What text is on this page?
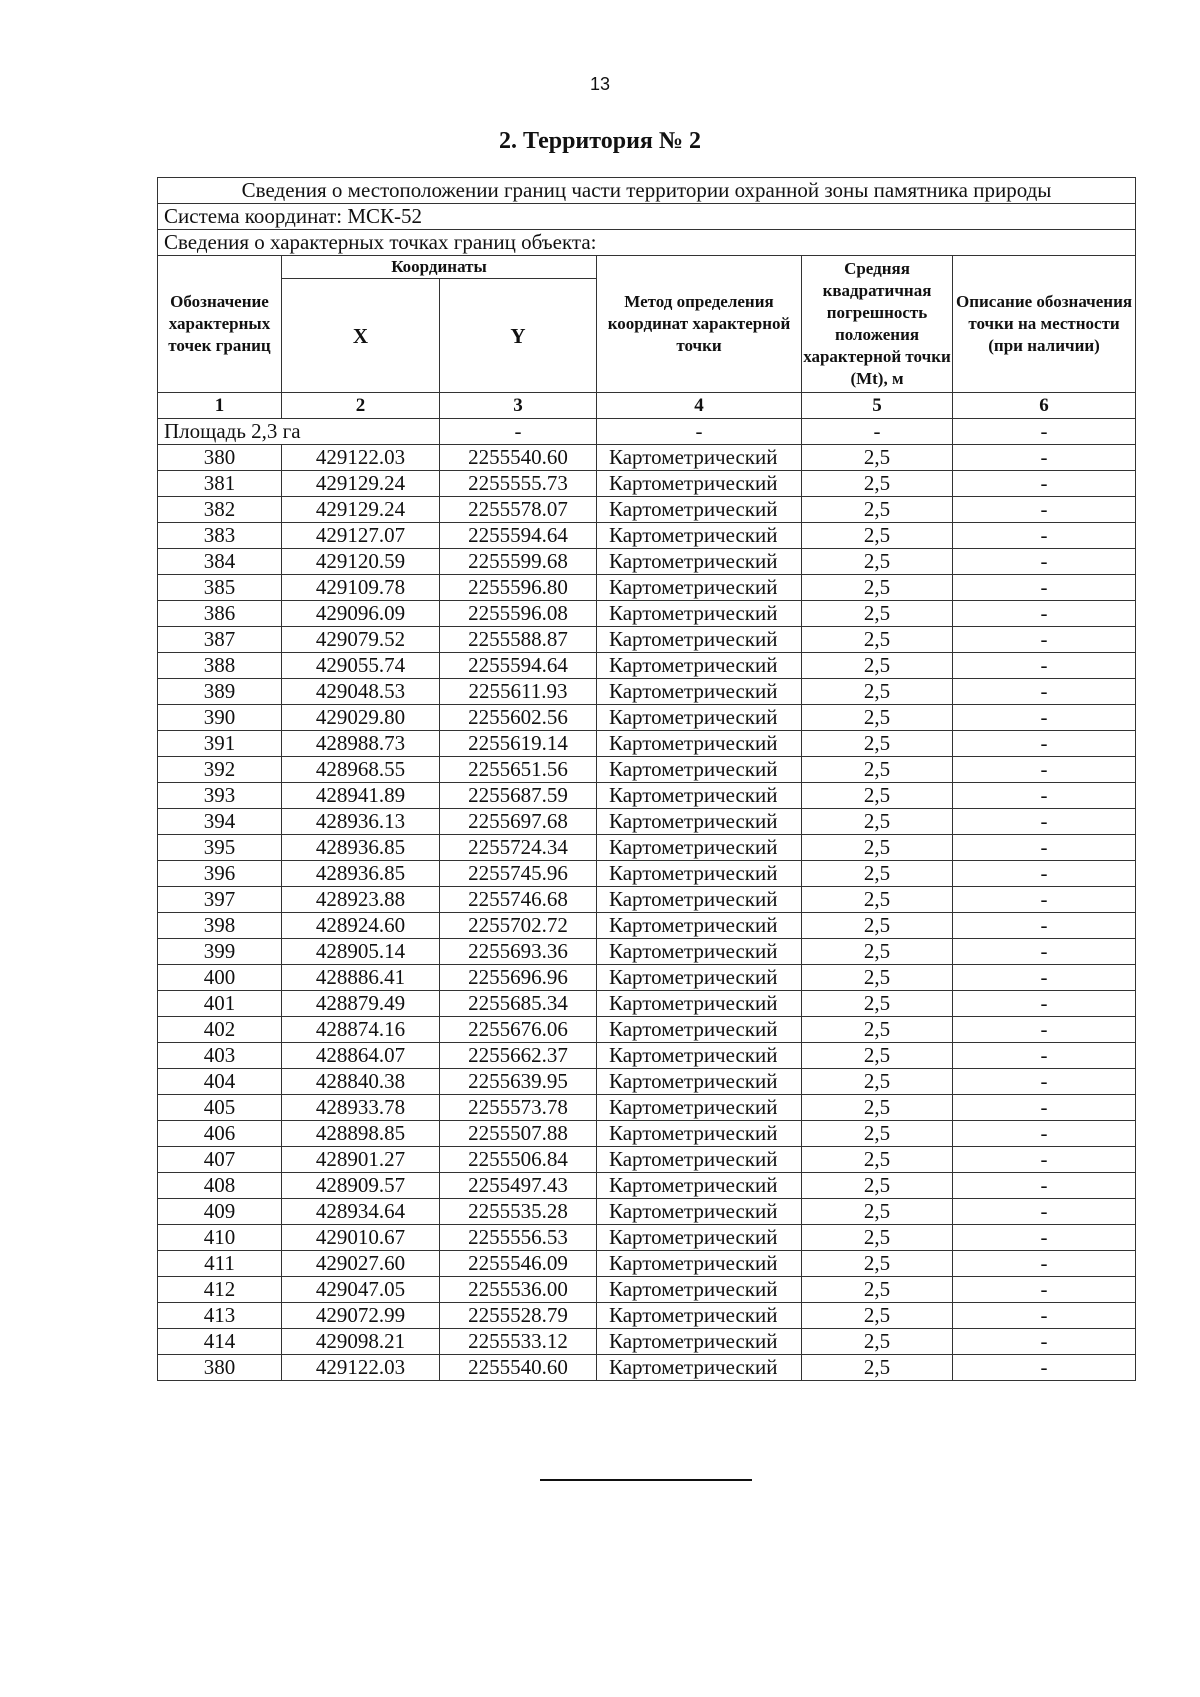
13
2. Территория № 2
Сведения о местоположении границ части территории охранной зоны памятника природы					
Система координат: МСК-52					
Сведения о характерных точках границ объекта:					
Обозначение характерных точек границ	Координаты		Метод определения координат характерной точки	Средняя квадратичная погрешность положения характерной точки (Mt), м	Описание обозначения точки на местности (при наличии)
	X	Y			
1	2	3	4	5	6
Площадь 2,3 га		-	-	-	-
380	429122.03	2255540.60	Картометрический	2,5	-
381	429129.24	2255555.73	Картометрический	2,5	-
382	429129.24	2255578.07	Картометрический	2,5	-
383	429127.07	2255594.64	Картометрический	2,5	-
384	429120.59	2255599.68	Картометрический	2,5	-
385	429109.78	2255596.80	Картометрический	2,5	-
386	429096.09	2255596.08	Картометрический	2,5	-
387	429079.52	2255588.87	Картометрический	2,5	-
388	429055.74	2255594.64	Картометрический	2,5	-
389	429048.53	2255611.93	Картометрический	2,5	-
390	429029.80	2255602.56	Картометрический	2,5	-
391	428988.73	2255619.14	Картометрический	2,5	-
392	428968.55	2255651.56	Картометрический	2,5	-
393	428941.89	2255687.59	Картометрический	2,5	-
394	428936.13	2255697.68	Картометрический	2,5	-
395	428936.85	2255724.34	Картометрический	2,5	-
396	428936.85	2255745.96	Картометрический	2,5	-
397	428923.88	2255746.68	Картометрический	2,5	-
398	428924.60	2255702.72	Картометрический	2,5	-
399	428905.14	2255693.36	Картометрический	2,5	-
400	428886.41	2255696.96	Картометрический	2,5	-
401	428879.49	2255685.34	Картометрический	2,5	-
402	428874.16	2255676.06	Картометрический	2,5	-
403	428864.07	2255662.37	Картометрический	2,5	-
404	428840.38	2255639.95	Картометрический	2,5	-
405	428933.78	2255573.78	Картометрический	2,5	-
406	428898.85	2255507.88	Картометрический	2,5	-
407	428901.27	2255506.84	Картометрический	2,5	-
408	428909.57	2255497.43	Картометрический	2,5	-
409	428934.64	2255535.28	Картометрический	2,5	-
410	429010.67	2255556.53	Картометрический	2,5	-
411	429027.60	2255546.09	Картометрический	2,5	-
412	429047.05	2255536.00	Картометрический	2,5	-
413	429072.99	2255528.79	Картометрический	2,5	-
414	429098.21	2255533.12	Картометрический	2,5	-
380	429122.03	2255540.60	Картометрический	2,5	-
